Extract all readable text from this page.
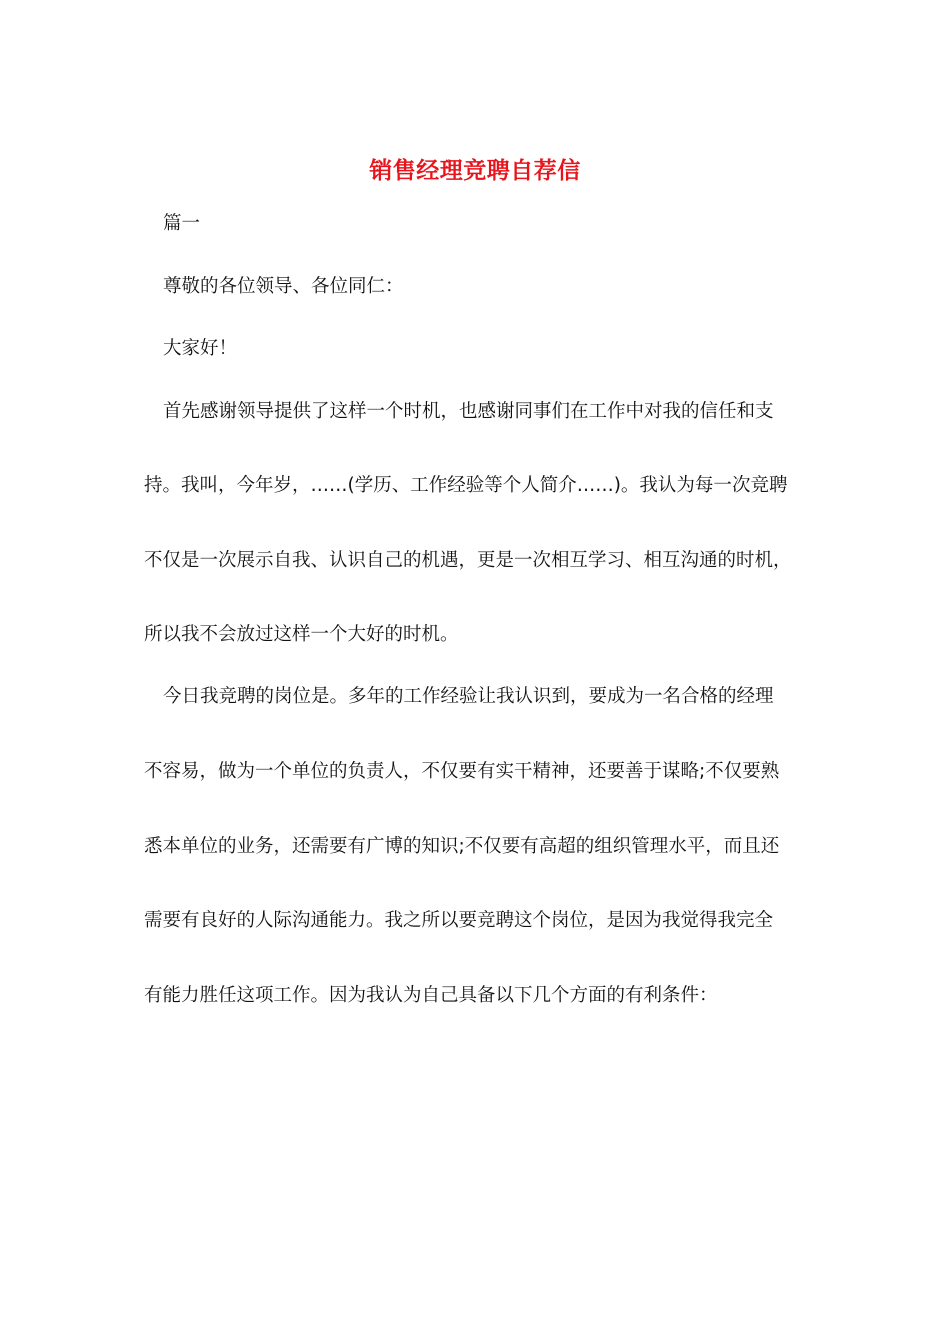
销售经理竞聘自荐信
篇一
尊敬的各位领导、各位同仁：
大家好！
首先感谢领导提供了这样一个时机，也感谢同事们在工作中对我的信任和支
持。我叫，今年岁，……(学历、工作经验等个人简介……)。我认为每一次竞聘
不仅是一次展示自我、认识自己的机遇，更是一次相互学习、相互沟通的时机，
所以我不会放过这样一个大好的时机。
今日我竞聘的岗位是。多年的工作经验让我认识到，要成为一名合格的经理
不容易，做为一个单位的负责人，不仅要有实干精神，还要善于谋略;不仅要熟
悉本单位的业务，还需要有广博的知识;不仅要有高超的组织管理水平，而且还
需要有良好的人际沟通能力。我之所以要竞聘这个岗位，是因为我觉得我完全
有能力胜任这项工作。因为我认为自己具备以下几个方面的有利条件：
